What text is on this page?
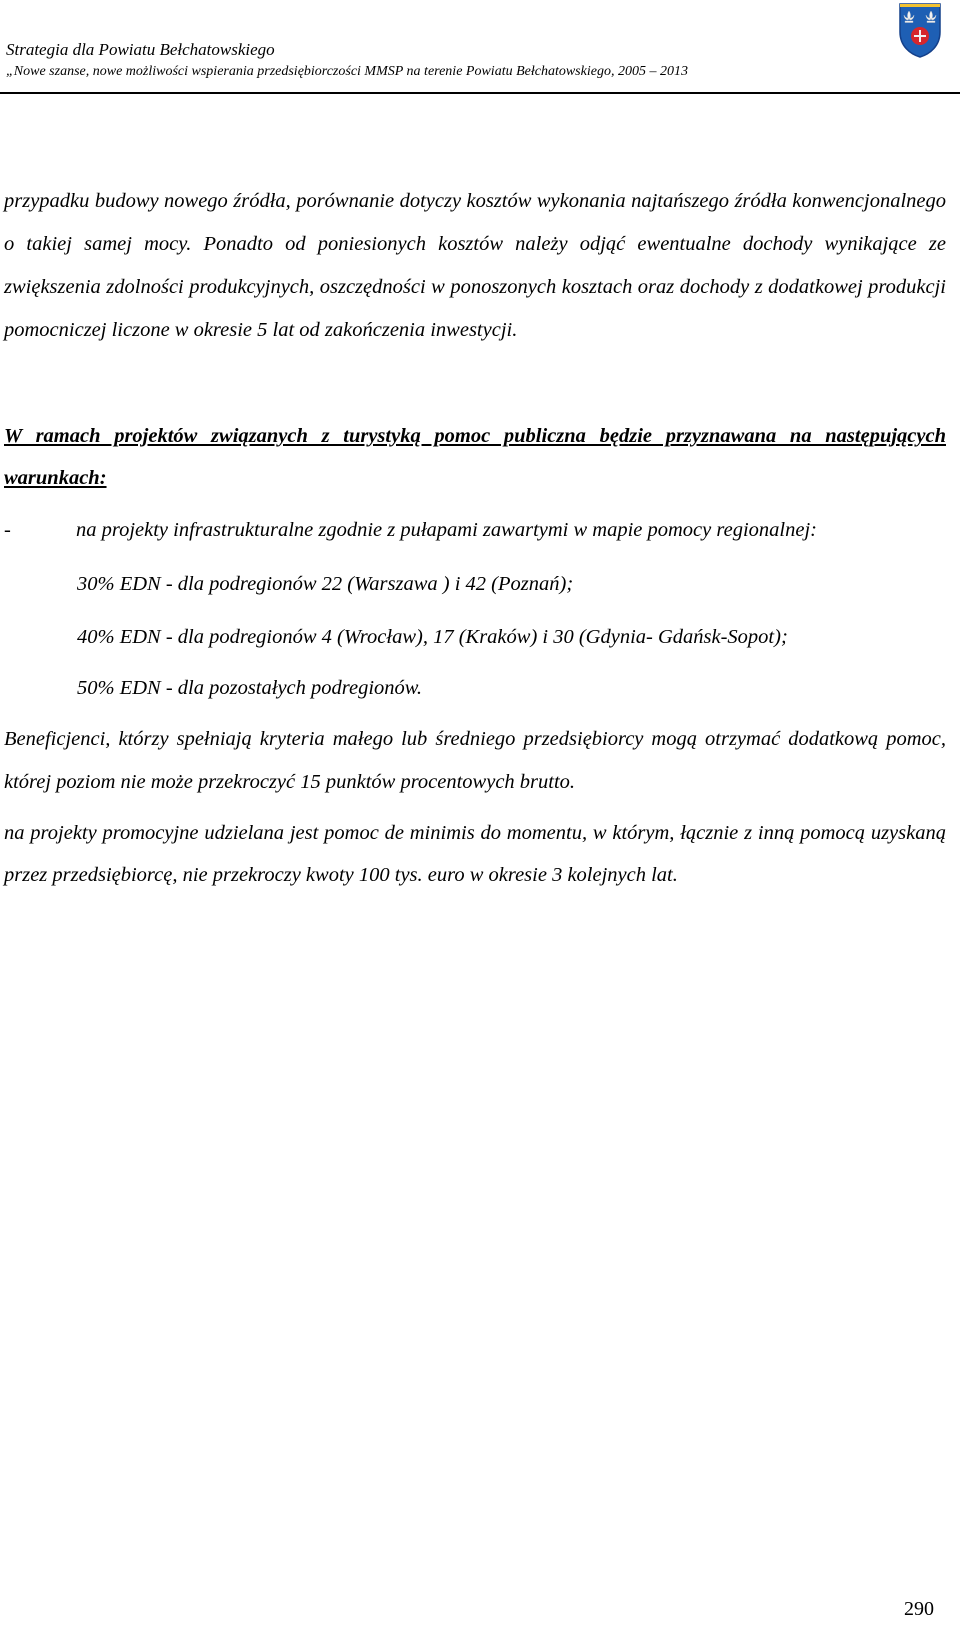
Strategia dla Powiatu Bełchatowskiego
„Nowe szanse, nowe możliwości wspierania przedsiębiorczości MMSP na terenie Powiatu Bełchatowskiego, 2005 – 2013

przypadku budowy nowego źródła, porównanie dotyczy kosztów wykonania najtańszego źródła konwencjonalnego o takiej samej mocy. Ponadto od poniesionych kosztów należy odjąć ewentualne dochody wynikające ze zwiększenia zdolności produkcyjnych, oszczędności w ponoszonych kosztach oraz dochody z dodatkowej produkcji pomocniczej liczone w okresie 5 lat od zakończenia inwestycji.

W ramach projektów związanych z turystyką pomoc publiczna będzie przyznawana na następujących warunkach:

-	na projekty infrastrukturalne zgodnie z pułapami zawartymi w mapie pomocy regionalnej:

30% EDN - dla podregionów 22 (Warszawa ) i 42 (Poznań);

40% EDN - dla podregionów 4 (Wrocław), 17 (Kraków) i 30 (Gdynia- Gdańsk-Sopot);

50% EDN - dla pozostałych podregionów.

Beneficjenci, którzy spełniają kryteria małego lub średniego przedsiębiorcy mogą otrzymać dodatkową pomoc, której poziom nie może przekroczyć 15 punktów procentowych brutto.

na projekty promocyjne udzielana jest pomoc de minimis do momentu, w którym, łącznie z inną pomocą uzyskaną przez przedsiębiorcę, nie przekroczy kwoty 100 tys. euro w okresie 3 kolejnych lat.

290
